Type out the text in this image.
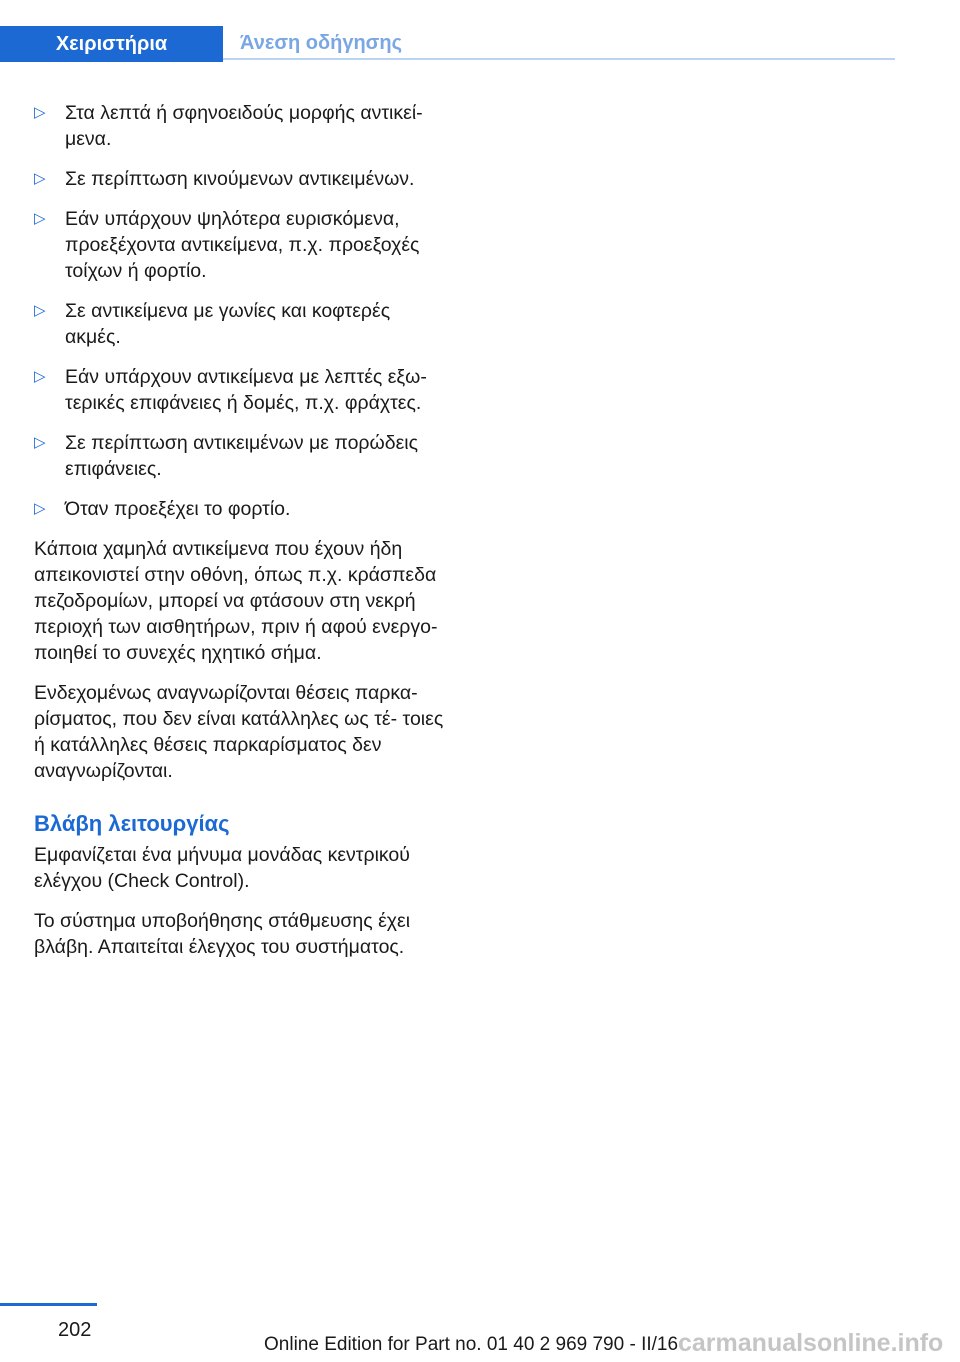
Χειριστήρια	Άνεση οδήγησης
▷ Στα λεπτά ή σφηνοειδούς μορφής αντικεί‐ μενα.
▷ Σε περίπτωση κινούμενων αντικειμένων.
▷ Εάν υπάρχουν ψηλότερα ευρισκόμενα, προεξέχοντα αντικείμενα, π.χ. προεξοχές τοίχων ή φορτίο.
▷ Σε αντικείμενα με γωνίες και κοφτερές ακμές.
▷ Εάν υπάρχουν αντικείμενα με λεπτές εξω‐ τερικές επιφάνειες ή δομές, π.χ. φράχτες.
▷ Σε περίπτωση αντικειμένων με πορώδεις επιφάνειες.
▷ Όταν προεξέχει το φορτίο.

Κάποια χαμηλά αντικείμενα που έχουν ήδη απεικονιστεί στην οθόνη, όπως π.χ. κράσπεδα πεζοδρομίων, μπορεί να φτάσουν στη νεκρή περιοχή των αισθητήρων, πριν ή αφού ενεργο‐ ποιηθεί το συνεχές ηχητικό σήμα.

Ενδεχομένως αναγνωρίζονται θέσεις παρκα‐ ρίσματος, που δεν είναι κατάλληλες ως τέ‐ τοιες ή κατάλληλες θέσεις παρκαρίσματος δεν αναγνωρίζονται.

Βλάβη λειτουργίας

Εμφανίζεται ένα μήνυμα μονάδας κεντρικού ελέγχου (Check Control).

Το σύστημα υποβοήθησης στάθμευσης έχει βλάβη. Απαιτείται έλεγχος του συστήματος.

202
Online Edition for Part no. 01 40 2 969 790 - II/16 carmanualsonline.info
